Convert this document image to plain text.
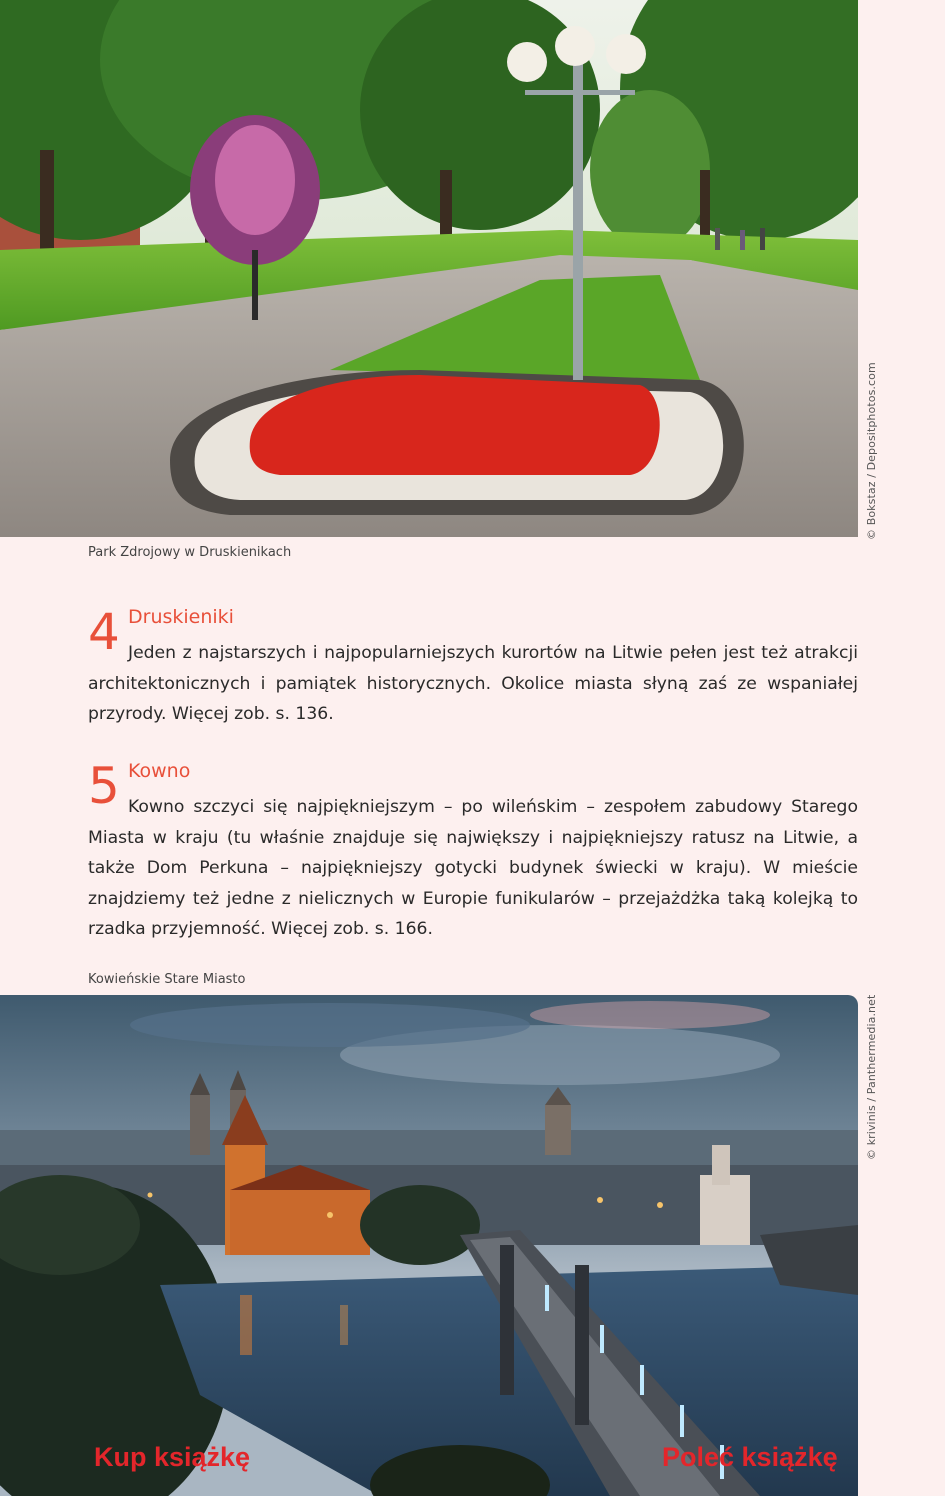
© Bokstaz / Depositphotos.com
Park Zdrojowy w Druskienikach
4 Druskieniki
Jeden z najstarszych i najpopularniejszych kurortów na Litwie pełen jest też atrakcji architektonicznych i pamiątek historycznych. Okolice miasta słyną zaś ze wspaniałej przyrody. Więcej zob. s. 136.
5 Kowno
Kowno szczyci się najpiękniejszym – po wileńskim – zespołem zabudowy Starego Miasta w kraju (tu właśnie znajduje się największy i najpiękniejszy ratusz na Litwie, a także Dom Perkuna – najpiękniejszy gotycki budynek świecki w kraju). W mieście znajdziemy też jedne z nielicznych w Europie funikularów – przejażdżka taką kolejką to rzadka przyjemność. Więcej zob. s. 166.
Kowieńskie Stare Miasto
© krivinis / Panthermedia.net
Kup książkę	Poleć książkę
